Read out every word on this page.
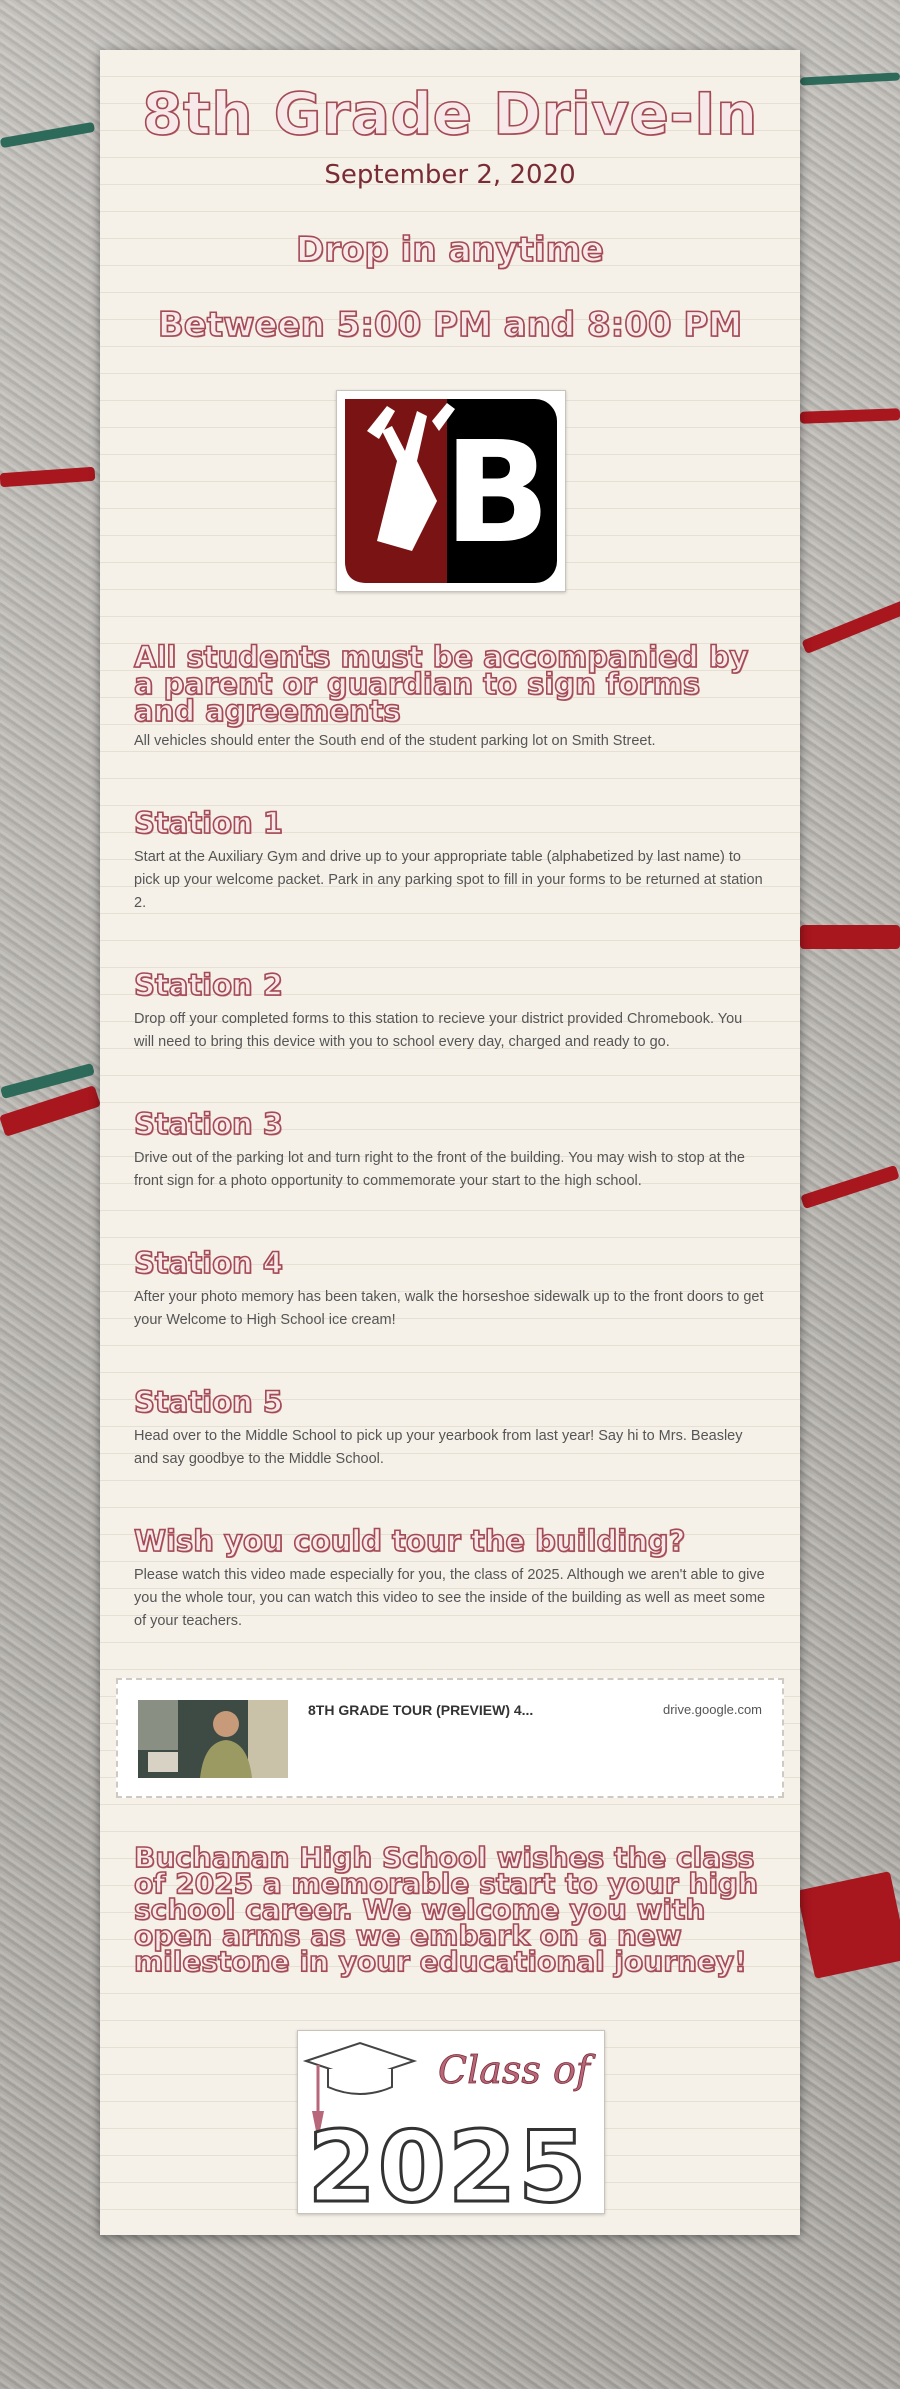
8th Grade Drive-In
September 2, 2020
Drop in anytime
Between 5:00 PM and 8:00 PM
B
All students must be accompanied by a parent or guardian to sign forms and agreements

All vehicles should enter the South end of the student parking lot on Smith Street.

Station 1

Start at the Auxiliary Gym and drive up to your appropriate table (alphabetized by last name) to pick up your welcome packet. Park in any parking spot to fill in your forms to be returned at station 2.

Station 2

Drop off your completed forms to this station to recieve your district provided Chromebook. You will need to bring this device with you to school every day, charged and ready to go.

Station 3

Drive out of the parking lot and turn right to the front of the building. You may wish to stop at the front sign for a photo opportunity to commemorate your start to the high school.

Station 4

After your photo memory has been taken, walk the horseshoe sidewalk up to the front doors to get your Welcome to High School ice cream!

Station 5

Head over to the Middle School to pick up your yearbook from last year! Say hi to Mrs. Beasley and say goodbye to the Middle School.

Wish you could tour the building?

Please watch this video made especially for you, the class of 2025. Although we aren't able to give you the whole tour, you can watch this video to see the inside of the building as well as meet some of your teachers.

8TH GRADE TOUR (PREVIEW) 4...	drive.google.com
Buchanan High School wishes the class of 2025 a memorable start to your high school career. We welcome you with open arms as we embark on a new milestone in your educational journey!
Class of
2025
